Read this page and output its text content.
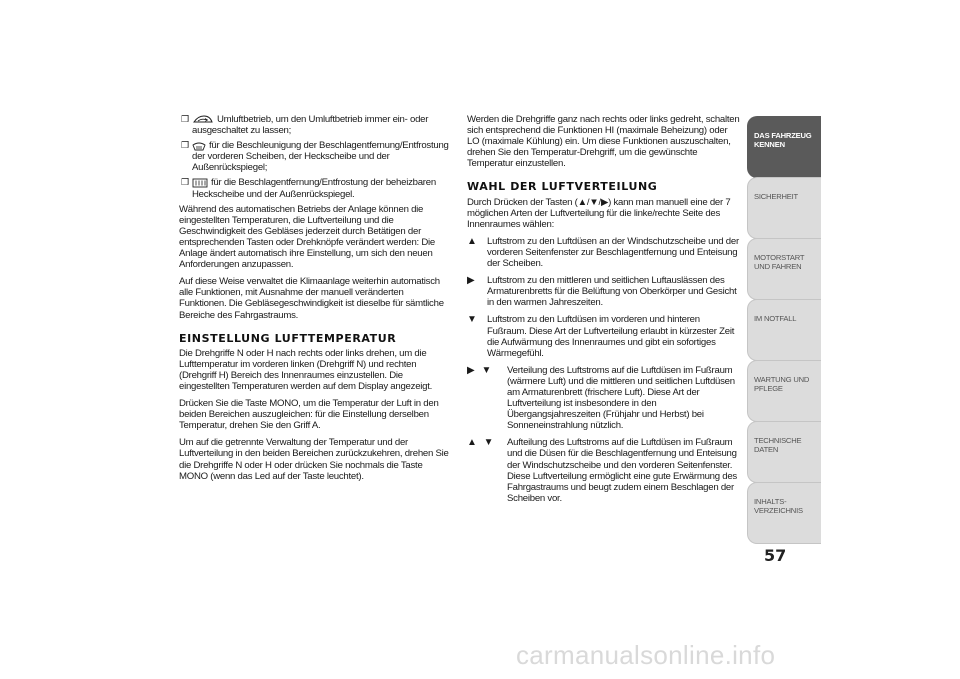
❒	Umluftbetrieb, um den Umluftbetrieb immer ein- oder ausgeschaltet zu lassen;
❒ für die Beschleunigung der Beschlagentfernung/Entfrostung der vorderen Scheiben, der Heckscheibe und der Außenrückspiegel;
❒ für die Beschlagentfernung/Entfrostung der beheizbaren Heckscheibe und der Außenrückspiegel.

Während des automatischen Betriebs der Anlage können die eingestellten Temperaturen, die Luftverteilung und die Geschwindigkeit des Gebläses jederzeit durch Betätigen der entsprechenden Tasten oder Drehknöpfe verändert werden: Die Anlage ändert automatisch ihre Einstellung, um sich den neuen Anforderungen anzupassen.

Auf diese Weise verwaltet die Klimaanlage weiterhin automatisch alle Funktionen, mit Ausnahme der manuell veränderten Funktionen. Die Gebläsegeschwindigkeit ist dieselbe für sämtliche Bereiche des Fahrgastraums.

EINSTELLUNG LUFTTEMPERATUR

Die Drehgriffe N oder H nach rechts oder links drehen, um die Lufttemperatur im vorderen linken (Drehgriff N) und rechten (Drehgriff H) Bereich des Innenraumes einzustellen. Die eingestellten Temperaturen werden auf dem Display angezeigt.

Drücken Sie die Taste MONO, um die Temperatur der Luft in den beiden Bereichen auszugleichen: für die Einstellung derselben Temperatur, drehen Sie den Griff A.

Um auf die getrennte Verwaltung der Temperatur und der Luftverteilung in den beiden Bereichen zurückzukehren, drehen Sie die Drehgriffe N oder H oder drücken Sie nochmals die Taste MONO (wenn das Led auf der Taste leuchtet).

Werden die Drehgriffe ganz nach rechts oder links gedreht, schalten sich entsprechend die Funktionen HI (maximale Beheizung) oder LO (maximale Kühlung) ein. Um diese Funktionen auszuschalten, drehen Sie den Temperatur-Drehgriff, um die gewünschte Temperatur einzustellen.

WAHL DER LUFTVERTEILUNG

Durch Drücken der Tasten (▲/▼/▶) kann man manuell eine der 7 möglichen Arten der Luftverteilung für die linke/rechte Seite des Innenraumes wählen:

▲ Luftstrom zu den Luftdüsen an der Windschutzscheibe und der vorderen Seitenfenster zur Beschlagentfernung und Enteisung der Scheiben.
▶ Luftstrom zu den mittleren und seitlichen Luftauslässen des Armaturenbretts für die Belüftung von Oberkörper und Gesicht in den warmen Jahreszeiten.
▼ Luftstrom zu den Luftdüsen im vorderen und hinteren Fußraum. Diese Art der Luftverteilung erlaubt in kürzester Zeit die Aufwärmung des Innenraumes und gibt ein sofortiges Wärmegefühl.
▶ ▼ Verteilung des Luftstroms auf die Luftdüsen im Fußraum (wärmere Luft) und die mittleren und seitlichen Luftdüsen am Armaturenbrett (frischere Luft). Diese Art der Luftverteilung ist insbesondere in den Übergangsjahreszeiten (Frühjahr und Herbst) bei Sonneneinstrahlung nützlich.
▲ ▼ Aufteilung des Luftstroms auf die Luftdüsen im Fußraum und die Düsen für die Beschlagentfernung und Enteisung der Windschutzscheibe und den vorderen Seitenfenster. Diese Luftverteilung ermöglicht eine gute Erwärmung des Fahrgastraums und beugt zudem einem Beschlagen der Scheiben vor.
DAS FAHRZEUG KENNEN
SICHERHEIT
MOTORSTART UND FAHREN
IM NOTFALL
WARTUNG UND PFLEGE
TECHNISCHE DATEN
INHALTS- VERZEICHNIS
57
carmanualsonline.info
